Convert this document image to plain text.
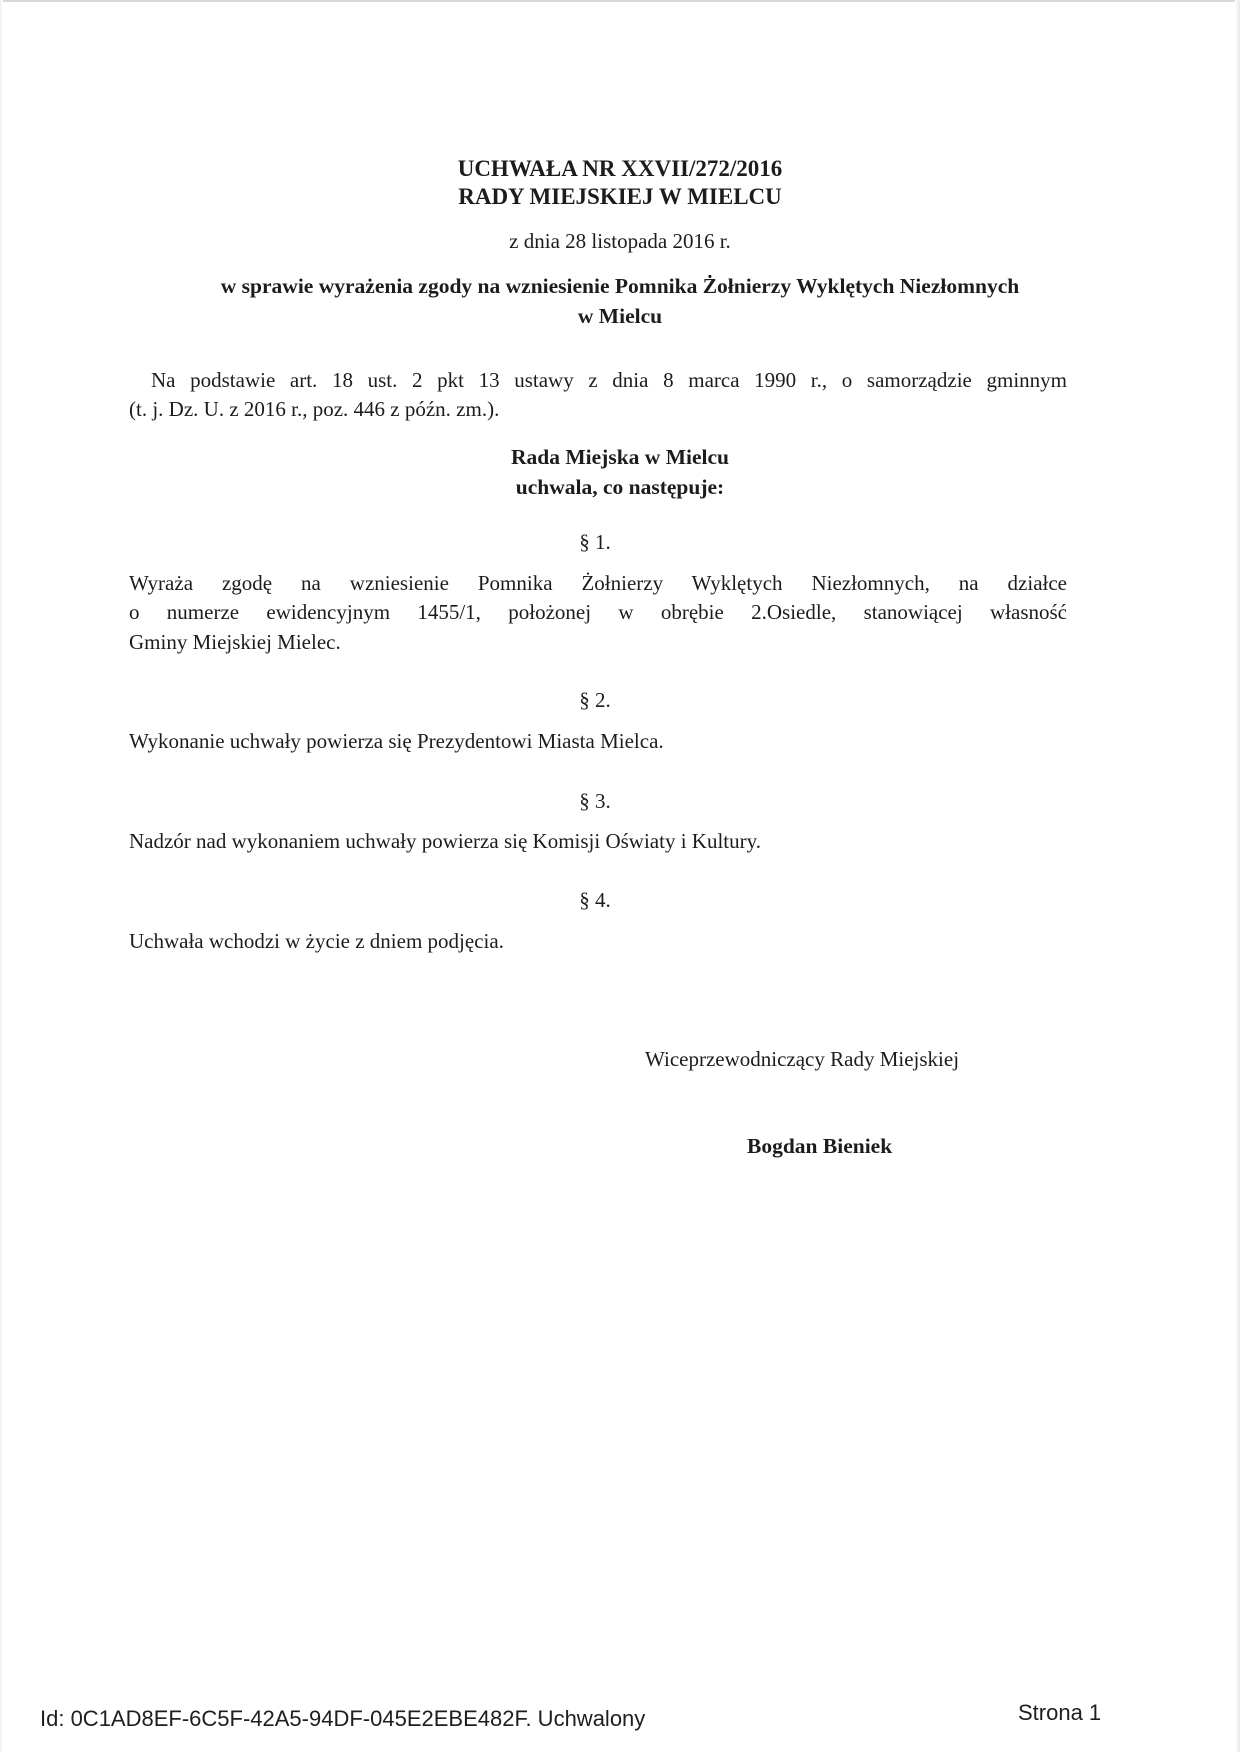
UCHWAŁA NR XXVII/272/2016
RADY MIEJSKIEJ W MIELCU
z dnia 28 listopada 2016 r.
w sprawie wyrażenia zgody na wzniesienie Pomnika Żołnierzy Wyklętych Niezłomnych
w Mielcu
Na podstawie art. 18 ust. 2 pkt 13 ustawy z dnia 8 marca 1990 r., o samorządzie gminnym
(t. j. Dz. U. z 2016 r., poz. 446 z późn. zm.).
Rada Miejska w Mielcu
uchwala, co następuje:
§ 1.
Wyraża zgodę na wzniesienie Pomnika Żołnierzy Wyklętych Niezłomnych, na działce
o numerze ewidencyjnym 1455/1, położonej w obrębie 2.Osiedle, stanowiącej własność
Gminy Miejskiej Mielec.
§ 2.
Wykonanie uchwały powierza się Prezydentowi Miasta Mielca.
§ 3.
Nadzór nad wykonaniem uchwały powierza się Komisji Oświaty i Kultury.
§ 4.
Uchwała wchodzi w życie z dniem podjęcia.
Wiceprzewodniczący Rady Miejskiej
Bogdan Bieniek
Id: 0C1AD8EF-6C5F-42A5-94DF-045E2EBE482F. Uchwalony	Strona 1
